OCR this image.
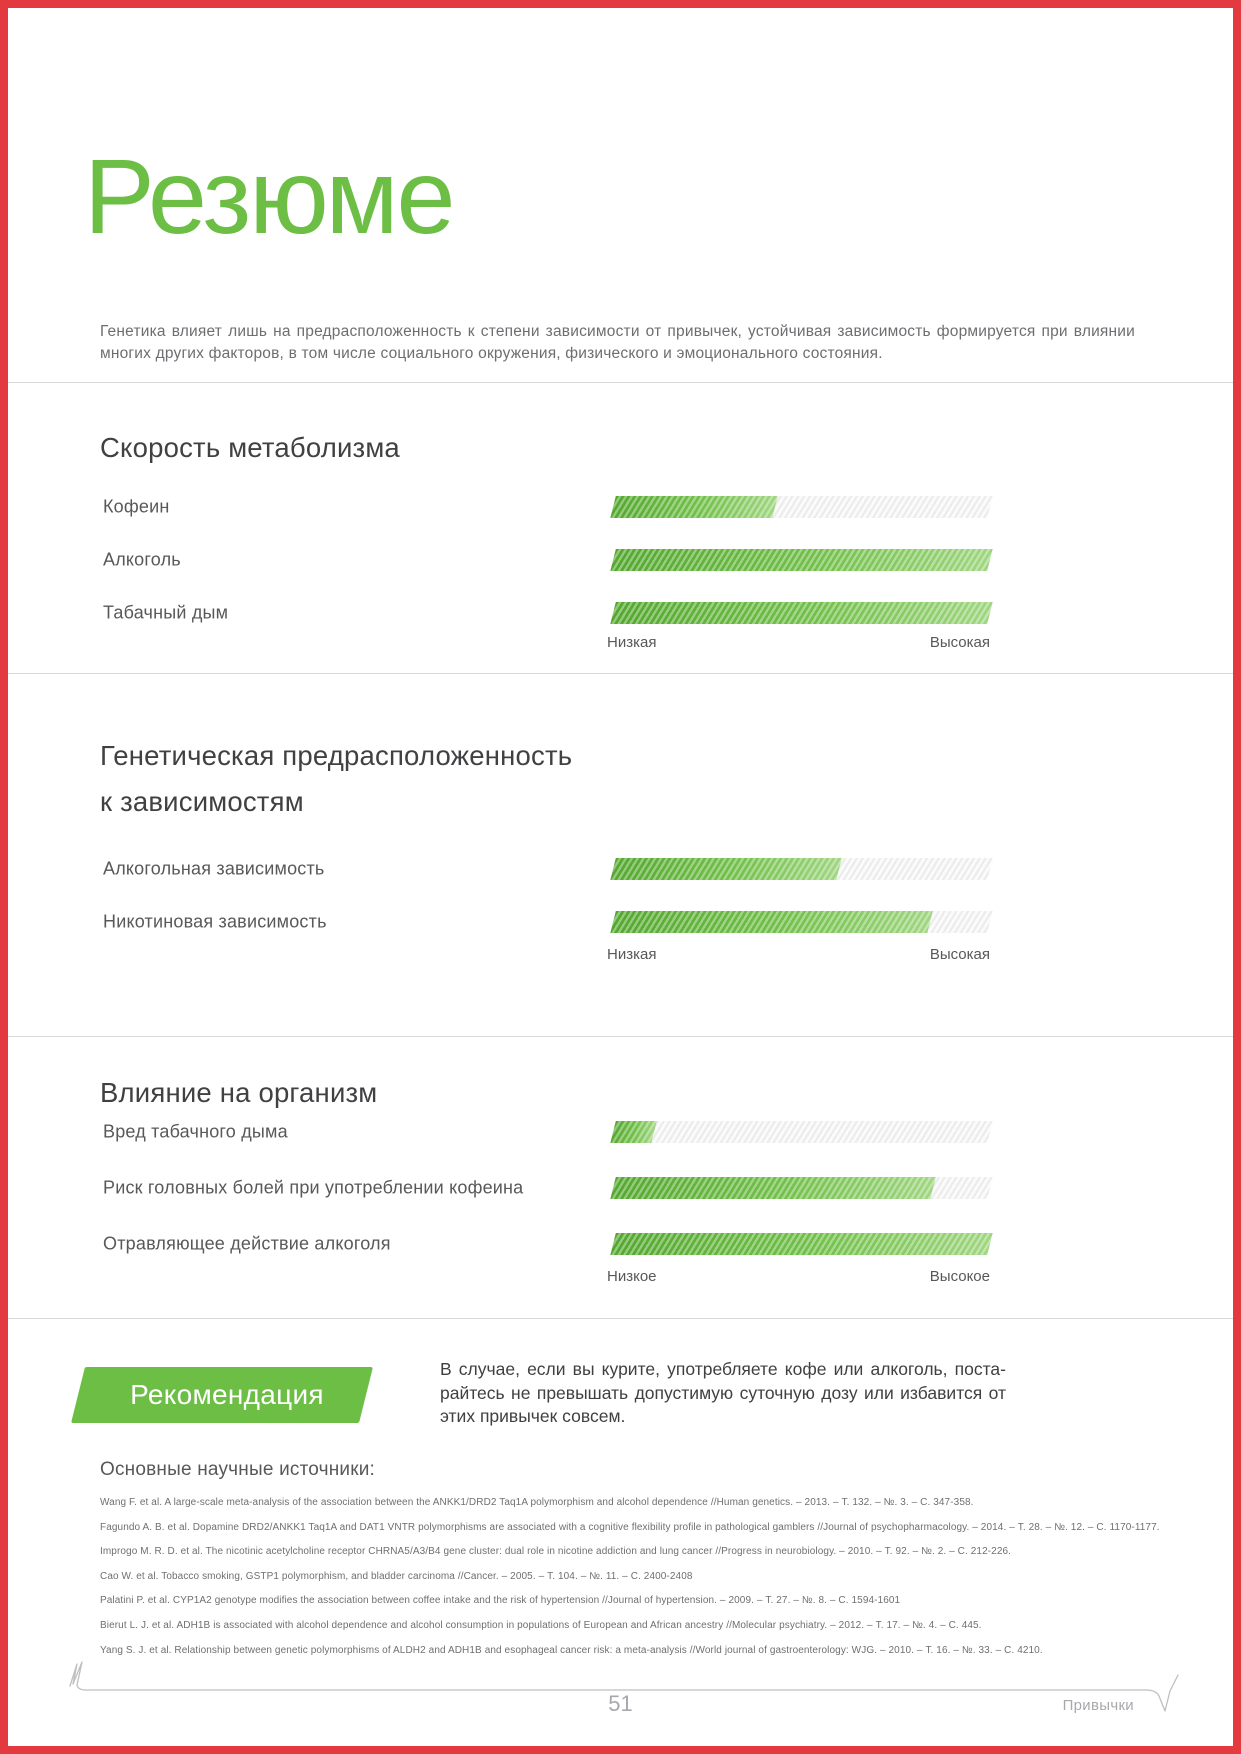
Резюме

Генетика влияет лишь на предрасположенность к степени зависимости от привычек, устойчивая зависимость формируется при влиянии многих других факторов, в том числе социального окружения, физического и эмоционального состояния.

Скорость метаболизма
Кофеин
Алкоголь
Табачный дым
Низкая	Высокая
Генетическая предрасположенность
к зависимостям
Алкогольная зависимость
Никотиновая зависимость
Низкая	Высокая
Влияние на организм
Вред табачного дыма
Риск головных болей при употреблении кофеина
Отравляющее действие алкоголя
Низкое	Высокое
Рекомендация
В случае, если вы курите, употребляете кофе или алкоголь, поста-
райтесь не превышать допустимую суточную дозу или избавится от
этих привычек совсем.
Основные научные источники:
Wang F. et al. A large-scale meta-analysis of the association between the ANKK1/DRD2 Taq1A polymorphism and alcohol dependence //Human genetics. – 2013. – Т. 132. – №. 3. – С. 347-358.
Fagundo A. B. et al. Dopamine DRD2/ANKK1 Taq1A and DAT1 VNTR polymorphisms are associated with a cognitive flexibility profile in pathological gamblers //Journal of psychopharmacology. – 2014. – Т. 28. – №. 12. – С. 1170-1177.
Improgo M. R. D. et al. The nicotinic acetylcholine receptor CHRNA5/A3/B4 gene cluster: dual role in nicotine addiction and lung cancer //Progress in neurobiology. – 2010. – Т. 92. – №. 2. – С. 212-226.
Cao W. et al. Tobacco smoking, GSTP1 polymorphism, and bladder carcinoma //Cancer. – 2005. – Т. 104. – №. 11. – С. 2400-2408
Palatini P. et al. CYP1A2 genotype modifies the association between coffee intake and the risk of hypertension //Journal of hypertension. – 2009. – Т. 27. – №. 8. – С. 1594-1601
Bierut L. J. et al. ADH1B is associated with alcohol dependence and alcohol consumption in populations of European and African ancestry //Molecular psychiatry. – 2012. – Т. 17. – №. 4. – С. 445.
Yang S. J. et al. Relationship between genetic polymorphisms of ALDH2 and ADH1B and esophageal cancer risk: a meta-analysis //World journal of gastroenterology: WJG. – 2010. – Т. 16. – №. 33. – С. 4210.
51	Привычки
